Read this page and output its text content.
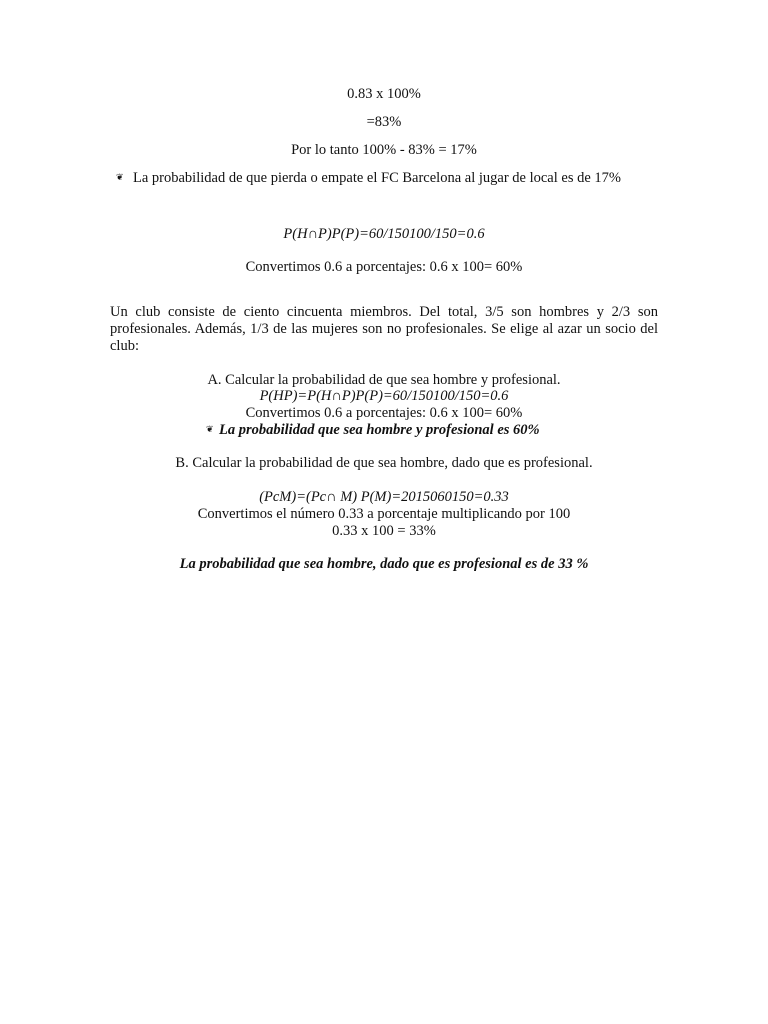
0.83 x 100%
=83%
Por lo tanto 100% - 83% = 17%
❦ La probabilidad de que pierda o empate el FC Barcelona al jugar de local es de 17%
P(H∩P)P(P)=60/150100/150=0.6
Convertimos 0.6 a porcentajes: 0.6 x 100= 60%
Un club consiste de ciento cincuenta miembros. Del total, 3/5 son hombres y 2/3 son profesionales. Además, 1/3 de las mujeres son no profesionales. Se elige al azar un socio del club:
A. Calcular la probabilidad de que sea hombre y profesional.
P(HP)=P(H∩P)P(P)=60/150100/150=0.6
Convertimos 0.6 a porcentajes: 0.6 x 100= 60%
❦ La probabilidad que sea hombre y profesional es 60%
B. Calcular la probabilidad de que sea hombre, dado que es profesional.
(PcM)=(Pc∩ M) P(M)=2015060150=0.33
Convertimos el número 0.33 a porcentaje multiplicando por 100
0.33 x 100 = 33%
La probabilidad que sea hombre, dado que es profesional es de 33 %
